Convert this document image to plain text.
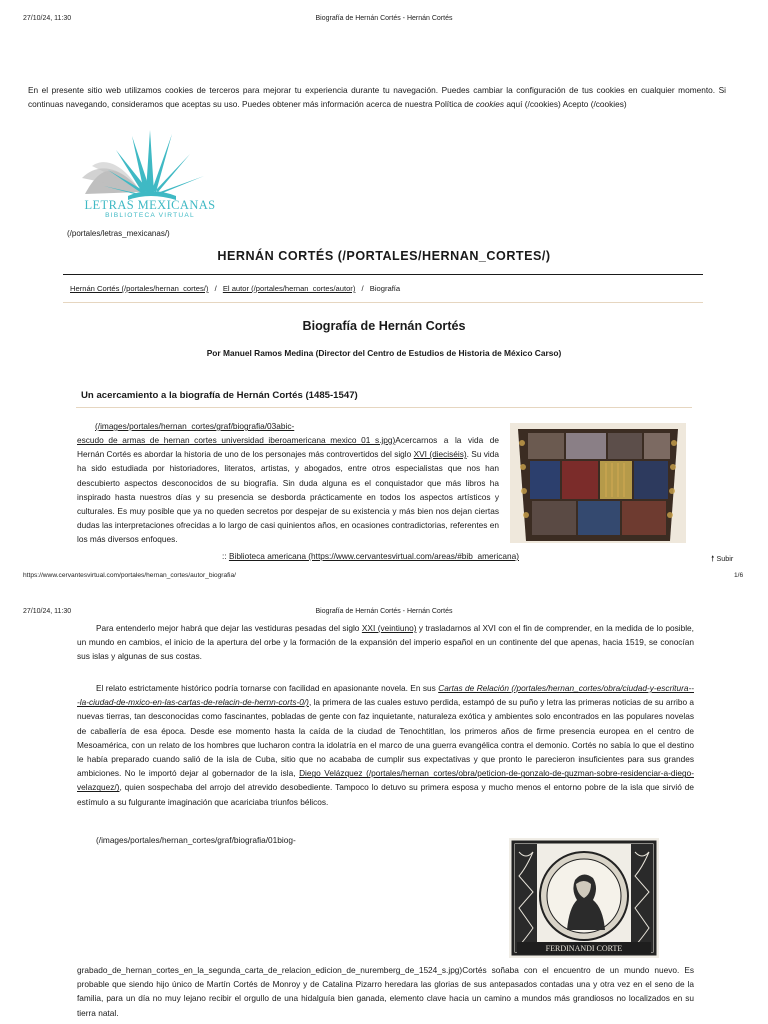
27/10/24, 11:30	Biografía de Hernán Cortés - Hernán Cortés
En el presente sitio web utilizamos cookies de terceros para mejorar tu experiencia durante tu navegación. Puedes cambiar la configuración de tus cookies en cualquier momento. Si continuas navegando, consideramos que aceptas su uso. Puedes obtener más información acerca de nuestra Política de cookies aquí (/cookies) Acepto (/cookies)
LETRAS MEXICANAS
BIBLIOTECA VIRTUAL
(/portales/letras_mexicanas/)
HERNÁN CORTÉS (/PORTALES/HERNAN_CORTES/)
Hernán Cortés (/portales/hernan_cortes/) / El autor (/portales/hernan_cortes/autor) / Biografía
Biografía de Hernán Cortés
Por Manuel Ramos Medina (Director del Centro de Estudios de Historia de México Carso)
Un acercamiento a la biografía de Hernán Cortés (1485-1547)
(/images/portales/hernan_cortes/graf/biografia/03abic-
escudo_de_armas_de_hernan_cortes_universidad_iberoamericana_mexico_01_s.jpg)Acercarnos a la vida de Hernán Cortés es abordar la historia de uno de los personajes más controvertidos del siglo XVI (dieciséis). Su vida ha sido estudiada por historiadores, literatos, artistas, y abogados, entre otros especialistas que nos han descubierto aspectos desconocidos de su biografía. Sin duda alguna es el conquistador que más libros ha inspirado hasta nuestros días y su presencia se desborda prácticamente en todos los aspectos artísticos y culturales. Es muy posible que ya no queden secretos por despejar de su existencia y más bien nos dejan ciertas dudas las interpretaciones ofrecidas a lo largo de casi quinientos años, en ocasiones contradictorias, referentes en los más diversos enfoques.
:: Biblioteca americana (https://www.cervantesvirtual.com/areas/#bib_americana)	🠕 Subir
https://www.cervantesvirtual.com/portales/hernan_cortes/autor_biografia/	1/6
27/10/24, 11:30	Biografía de Hernán Cortés - Hernán Cortés
Para entenderlo mejor habrá que dejar las vestiduras pesadas del siglo XXI (veintiuno) y trasladarnos al XVI con el fin de comprender, en la medida de lo posible, un mundo en cambios, el inicio de la apertura del orbe y la formación de la expansión del imperio español en un continente del que apenas, hacia 1519, se conocían sus islas y algunas de sus costas.
El relato estrictamente histórico podría tornarse con facilidad en apasionante novela. En sus Cartas de Relación (/portales/hernan_cortes/obra/ciudad-y-escritura---la-ciudad-de-mxico-en-las-cartas-de-relacin-de-hernn-corts-0/), la primera de las cuales estuvo perdida, estampó de su puño y letra las primeras noticias de su arribo a nuevas tierras, tan desconocidas como fascinantes, pobladas de gente con faz inquietante, naturaleza exótica y ambientes solo encontrados en las populares novelas de caballería de esa época. Desde ese momento hasta la caída de la ciudad de Tenochtitlan, los primeros años de firme presencia europea en el centro de Mesoamérica, con un relato de los hombres que lucharon contra la idolatría en el marco de una guerra evangélica contra el demonio. Cortés no sabía lo que el destino le había preparado cuando salió de la isla de Cuba, sitio que no acababa de cumplir sus expectativas y que pronto le parecieron insuficientes para sus grandes ambiciones. No le importó dejar al gobernador de la isla, Diego Velázquez (/portales/hernan_cortes/obra/peticion-de-gonzalo-de-guzman-sobre-residenciar-a-diego-velazquez/), quien sospechaba del arrojo del atrevido desobediente. Tampoco lo detuvo su primera esposa y mucho menos el entorno pobre de la isla que sirvió de estímulo a su fulgurante imaginación que acariciaba triunfos bélicos.
(/images/portales/hernan_cortes/graf/biografia/01biog-
FERDINANDI CORTE
grabado_de_hernan_cortes_en_la_segunda_carta_de_relacion_edicion_de_nuremberg_de_1524_s.jpg)Cortés soñaba con el encuentro de un mundo nuevo. Es probable que siendo hijo único de Martín Cortés de Monroy y de Catalina Pizarro heredara las glorias de sus antepasados contadas una y otra vez en el seno de la familia, para un día no muy lejano recibir el orgullo de una hidalguía bien ganada, elemento clave hacia un camino a mundos más grandiosos no localizados en su tierra natal.
